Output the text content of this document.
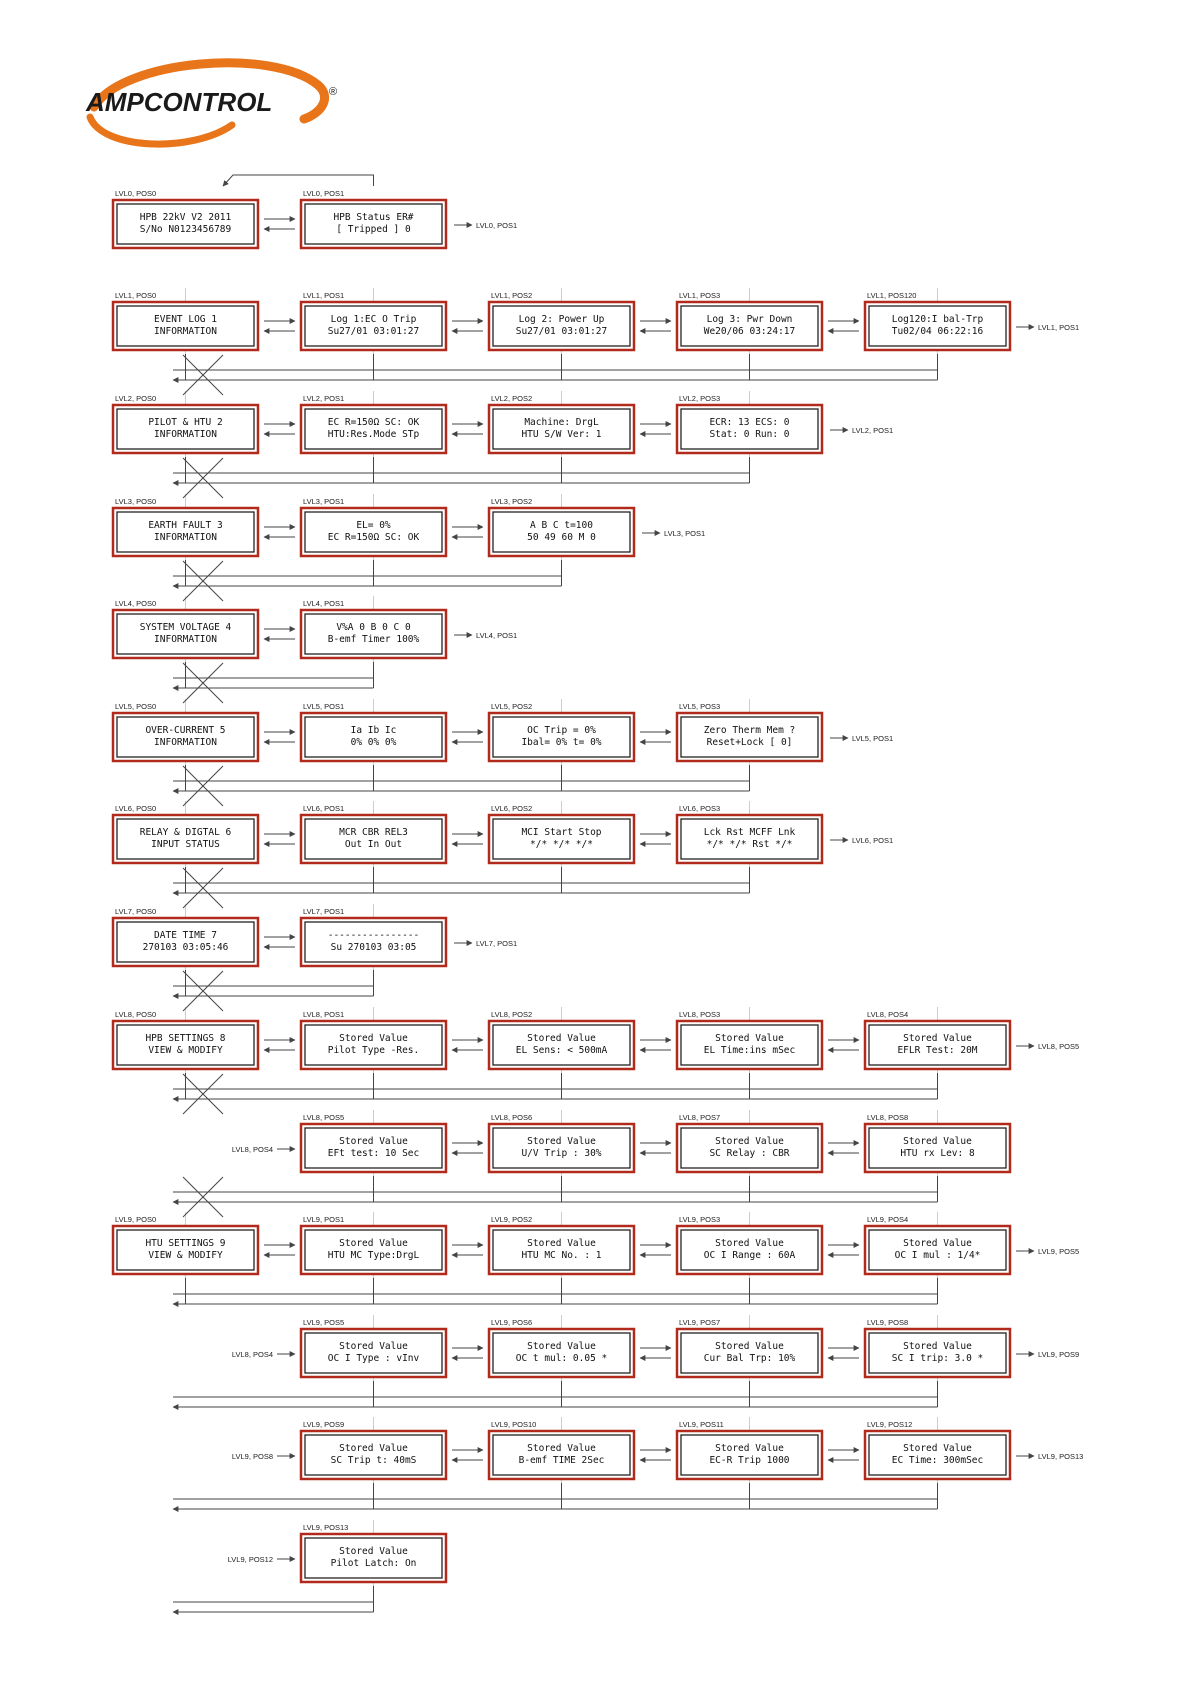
AMPCONTROL	®
LVL0, POS0
HPB 22kV V2 2011
S/No N0123456789
LVL0, POS1
HPB Status ER#
[ Tripped ] 0
LVL1, POS0
EVENT LOG 1
INFORMATION
LVL1, POS1
Log 1:EC O Trip
Su27/01 03:01:27
LVL1, POS2
Log 2: Power Up
Su27/01 03:01:27
LVL1, POS3
Log 3: Pwr Down
We20/06 03:24:17
LVL1, POS120
Log120:I bal-Trp
Tu02/04 06:22:16
LVL2, POS0
PILOT & HTU 2
INFORMATION
LVL2, POS1
EC R=150Ω SC: OK
HTU:Res.Mode STp
LVL2, POS2
Machine: DrgL
HTU S/W Ver: 1
LVL2, POS3
ECR: 13 ECS: 0
Stat: 0 Run: 0
LVL3, POS0
EARTH FAULT 3
INFORMATION
LVL3, POS1
EL= 0%
EC R=150Ω SC: OK
LVL3, POS2
A B C t=100
50 49 60 M 0
LVL4, POS0
SYSTEM VOLTAGE 4
INFORMATION
LVL4, POS1
V%A 0 B 0 C 0
B-emf Timer 100%
LVL5, POS0
OVER-CURRENT 5
INFORMATION
LVL5, POS1
Ia Ib Ic
0% 0% 0%
LVL5, POS2
OC Trip = 0%
Ibal= 0% t= 0%
LVL5, POS3
Zero Therm Mem ?
Reset+Lock [ 0]
LVL6, POS0
RELAY & DIGTAL 6
INPUT STATUS
LVL6, POS1
MCR CBR REL3
Out In Out
LVL6, POS2
MCI Start Stop
*/* */* */*
LVL6, POS3
Lck Rst MCFF Lnk
*/* */* Rst */*
LVL7, POS0
DATE TIME 7
270103 03:05:46
LVL7, POS1
----------------
Su 270103 03:05
LVL8, POS0
HPB SETTINGS 8
VIEW & MODIFY
LVL8, POS1
Stored Value
Pilot Type -Res.
LVL8, POS2
Stored Value
EL Sens: < 500mA
LVL8, POS3
Stored Value
EL Time:ins mSec
LVL8, POS4
Stored Value
EFLR Test: 20M
LVL8, POS5
Stored Value
EFt test: 10 Sec
LVL8, POS6
Stored Value
U/V Trip : 30%
LVL8, POS7
Stored Value
SC Relay : CBR
LVL8, POS8
Stored Value
HTU rx Lev: 8
LVL9, POS0
HTU SETTINGS 9
VIEW & MODIFY
LVL9, POS1
Stored Value
HTU MC Type:DrgL
LVL9, POS2
Stored Value
HTU MC No. : 1
LVL9, POS3
Stored Value
OC I Range : 60A
LVL9, POS4
Stored Value
OC I mul : 1/4*
LVL9, POS5
Stored Value
OC I Type : vInv
LVL9, POS6
Stored Value
OC t mul: 0.05 *
LVL9, POS7
Stored Value
Cur Bal Trp: 10%
LVL9, POS8
Stored Value
SC I trip: 3.0 *
LVL9, POS9
Stored Value
SC Trip t: 40mS
LVL9, POS10
Stored Value
B-emf TIME 2Sec
LVL9, POS11
Stored Value
EC-R Trip 1000
LVL9, POS12
Stored Value
EC Time: 300mSec
LVL9, POS13
Stored Value
Pilot Latch: On
LVL0, POS1
LVL1, POS1
LVL2, POS1
LVL3, POS1
LVL4, POS1
LVL5, POS1
LVL6, POS1
LVL7, POS1
LVL8, POS5
LVL8, POS4
LVL9, POS5
LVL8, POS4	LVL9, POS9
LVL9, POS8	LVL9, POS13
LVL9, POS12
